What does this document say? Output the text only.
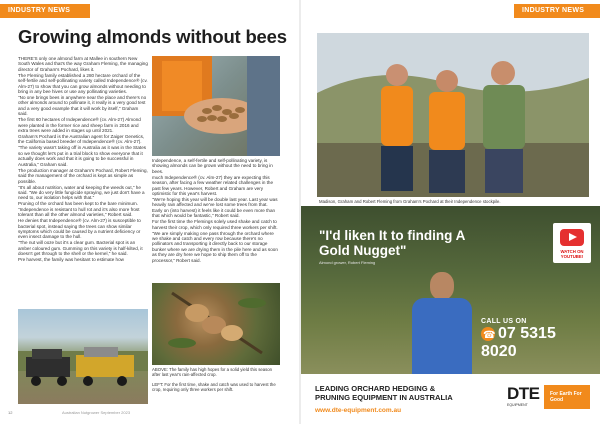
INDUSTRY NEWS
Growing almonds without bees

THERE'S only one almond farm at Mallee in southern New South Wales and that's the way Graham Fleming, the managing director of Graham's Pochard, likes it.

The Fleming family established a 280 hectare orchard of the self-fertile and self-pollinating variety called Independence® (cv. Alm-27) to show that you can grow almonds without needing to bring in any bee hives or use any pollinating varieties.

"No one brings bees in anywhere near the place and there's no other almonds around to pollinate it, it really is a very good test and a very good example that it will work by itself," Graham said.

The first 60 hectares of Independence® (cv. Alm-27) Almond were planted in the former rice and sheep farm in 2016 and extra trees were added in stages up until 2021.

Graham's Pochard is the Australian agent for Zaiger Genetics, the California based breeder of Independence® (cv. Alm-27).

"The variety wasn't taking off in Australia as it was in the States so we thought let's put in a trial block to show everyone that it actually does work and that it is going to be successful in Australia," Graham said.

The production manager at Graham's Pochard, Robert Fleming, said the management of the orchard is kept as simple as possible.

"It's all about nutrition, water and keeping the weeds out," he said. "We do very little fungicide spraying, we just don't have a need to, our isolation helps with that."

Pruning of the orchard has been kept to the bare minimum. "Independence is resistant to hull rot and it's also more frost tolerant than all the other almond varieties," Robert said.

He denies that Independence® (cv. Alm-27) is susceptible to bacterial spot, instead saying the trees can show similar symptoms which could be caused by a nutrient deficiency or even insect damage to the hull.

"The nut will ooze but it's a clear gum. Bacterial spot is an amber coloured gum. Gumming on this variety is half-kilted, it doesn't get through to the shell or the kernel," he said.

Pre harvest, the family was hesitant to estimate how

Independence, a self-fertile and self-pollinating variety, is showing almonds can be grown without the need to bring in bees.

much Independence® (cv. Alm-27) they are expecting this season, after facing a few weather related challenges in the past few years. However, Robert and Graham are very optimistic for this year's harvest.

"We're hoping this year will be double last year. Last year was heavily rain affected and we've lost some trees from that. Early on (into harvest) it feels like it could be even more than that which would be fantastic," Robert said.

For the first time the Flemings solely used shake and catch to harvest their crop, which only required three workers per shift.

"We are simply making one pass through the orchard where we shake and catch and every row because there's no pollinators and transporting it directly back to our storage bunker where we are drying them in the pile here and as soon as they are dry here we hope to ship them off to the processor," Robert said.

ABOVE: The family has high hopes for a solid yield this season after last year's rain-affected crop.

LEFT: For the first time, shake and catch was used to harvest the crop, requiring only three workers per shift.

12	Australian Nutgrower September 2023
INDUSTRY NEWS

Madison, Graham and Robert Fleming from Graham's Pochard at their Independence stockpile.

"I'd liken It to finding A Gold Nugget"

Almond grower, Robert Fleming

WATCH ON
YOUTUBE!
CALL US ON
☎07 5315 8020

LEADING ORCHARD HEDGING &
PRUNING EQUIPMENT IN AUSTRALIA

www.dte-equipment.com.au
DTE
EQUIPMENT
For Earth For Good
